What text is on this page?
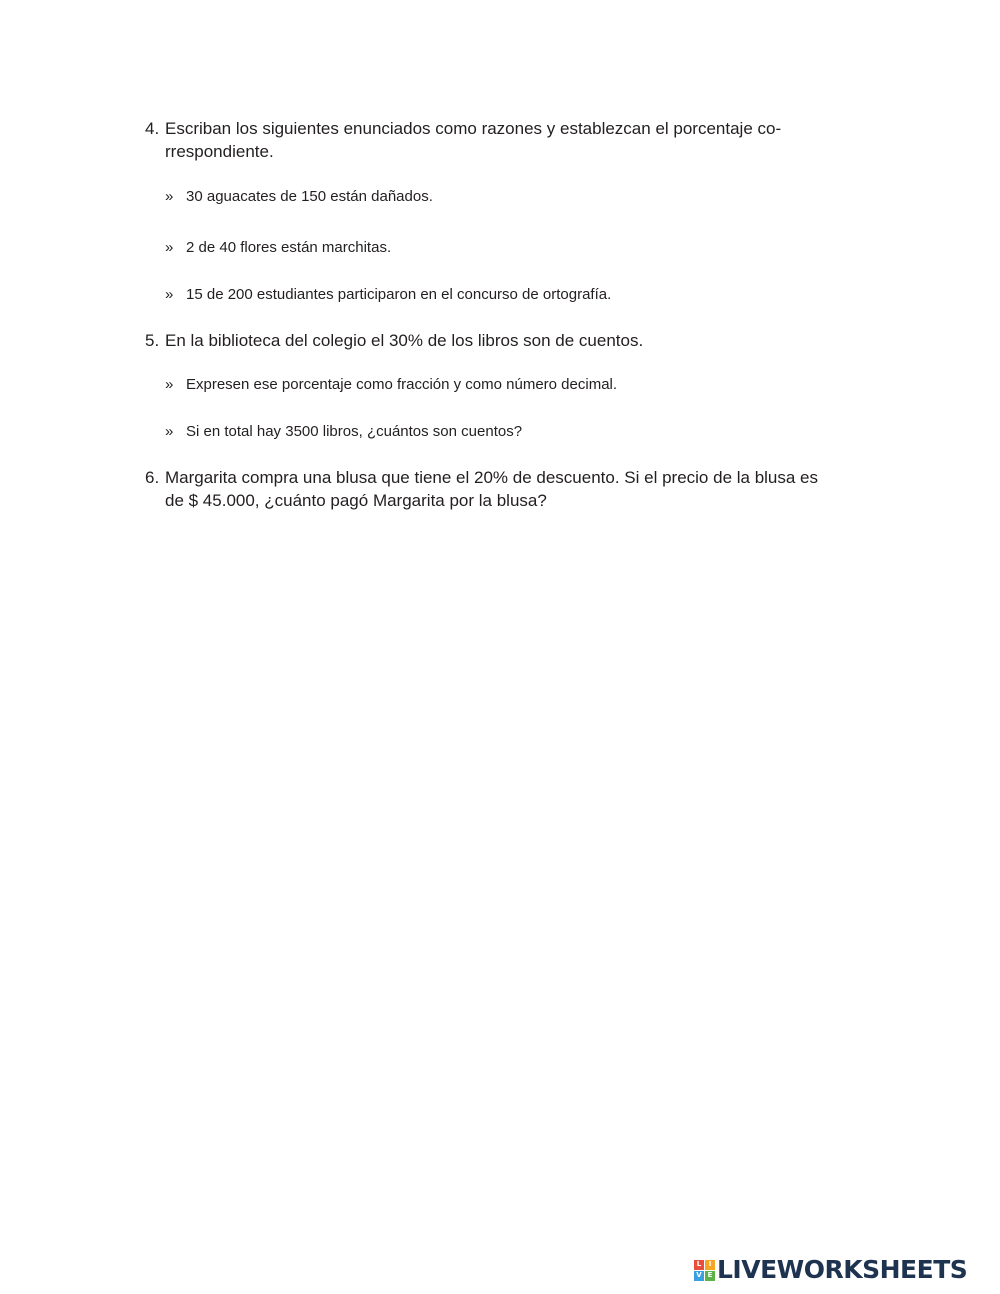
4. Escriban los siguientes enunciados como razones y establezcan el porcentaje co-rrespondiente.
» 30 aguacates de 150 están dañados.
» 2 de 40 flores están marchitas.
» 15 de 200 estudiantes participaron en el concurso de ortografía.
5. En la biblioteca del colegio el 30% de los libros son de cuentos.
» Expresen ese porcentaje como fracción y como número decimal.
» Si en total hay 3500 libros, ¿cuántos son cuentos?
6. Margarita compra una blusa que tiene el 20% de descuento. Si el precio de la blusa es de $ 45.000, ¿cuánto pagó Margarita por la blusa?
L	I
V E LIVEWORKSHEETS
